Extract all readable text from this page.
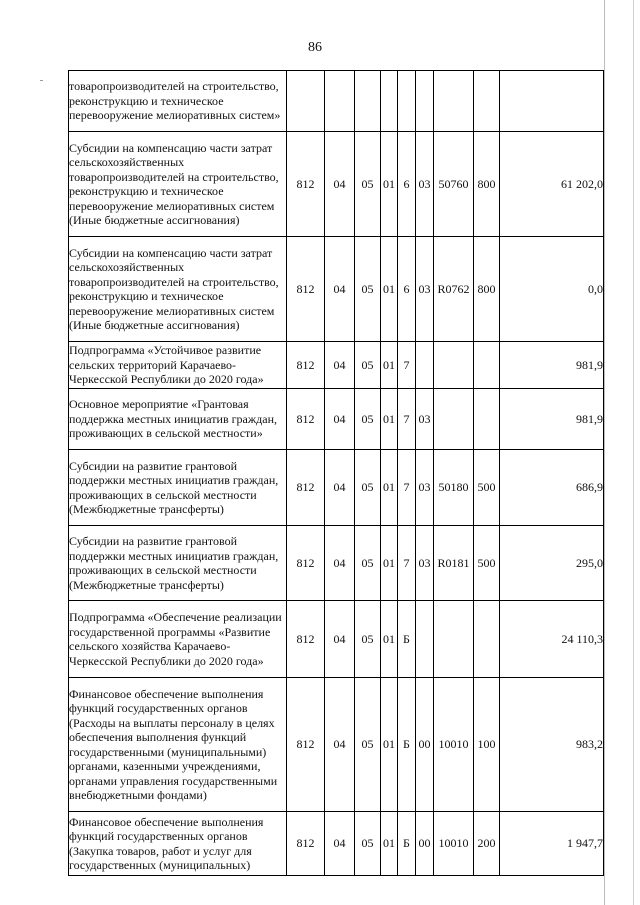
86
товаропроизводителей на строительство, реконструкцию и техническое перевооружение мелиоративных систем»									
Субсидии на компенсацию части затрат сельскохозяйственных товаропроизводителей на строительство, реконструкцию и техническое перевооружение мелиоративных систем (Иные бюджетные ассигнования)	812	04	05	01	6	03	50760	800	61 202,0
Субсидии на компенсацию части затрат сельскохозяйственных товаропроизводителей на строительство, реконструкцию и техническое перевооружение мелиоративных систем (Иные бюджетные ассигнования)	812	04	05	01	6	03	R0762	800	0,0
Подпрограмма «Устойчивое развитие сельских территорий Карачаево-Черкесской Республики до 2020 года»	812	04	05	01	7				981,9
Основное мероприятие «Грантовая поддержка местных инициатив граждан, проживающих в сельской местности»	812	04	05	01	7	03			981,9
Субсидии на развитие грантовой поддержки местных инициатив граждан, проживающих в сельской местности (Межбюджетные трансферты)	812	04	05	01	7	03	50180	500	686,9
Субсидии на развитие грантовой поддержки местных инициатив граждан, проживающих в сельской местности (Межбюджетные трансферты)	812	04	05	01	7	03	R0181	500	295,0
Подпрограмма «Обеспечение реализации государственной программы «Развитие сельского хозяйства Карачаево-Черкесской Республики до 2020 года»	812	04	05	01	Б				24 110,3
Финансовое обеспечение выполнения функций государственных органов (Расходы на выплаты персоналу в целях обеспечения выполнения функций государственными (муниципальными) органами, казенными учреждениями, органами управления государственными внебюджетными фондами)	812	04	05	01	Б	00	10010	100	983,2
Финансовое обеспечение выполнения функций государственных органов (Закупка товаров, работ и услуг для государственных (муниципальных)	812	04	05	01	Б	00	10010	200	1 947,7
